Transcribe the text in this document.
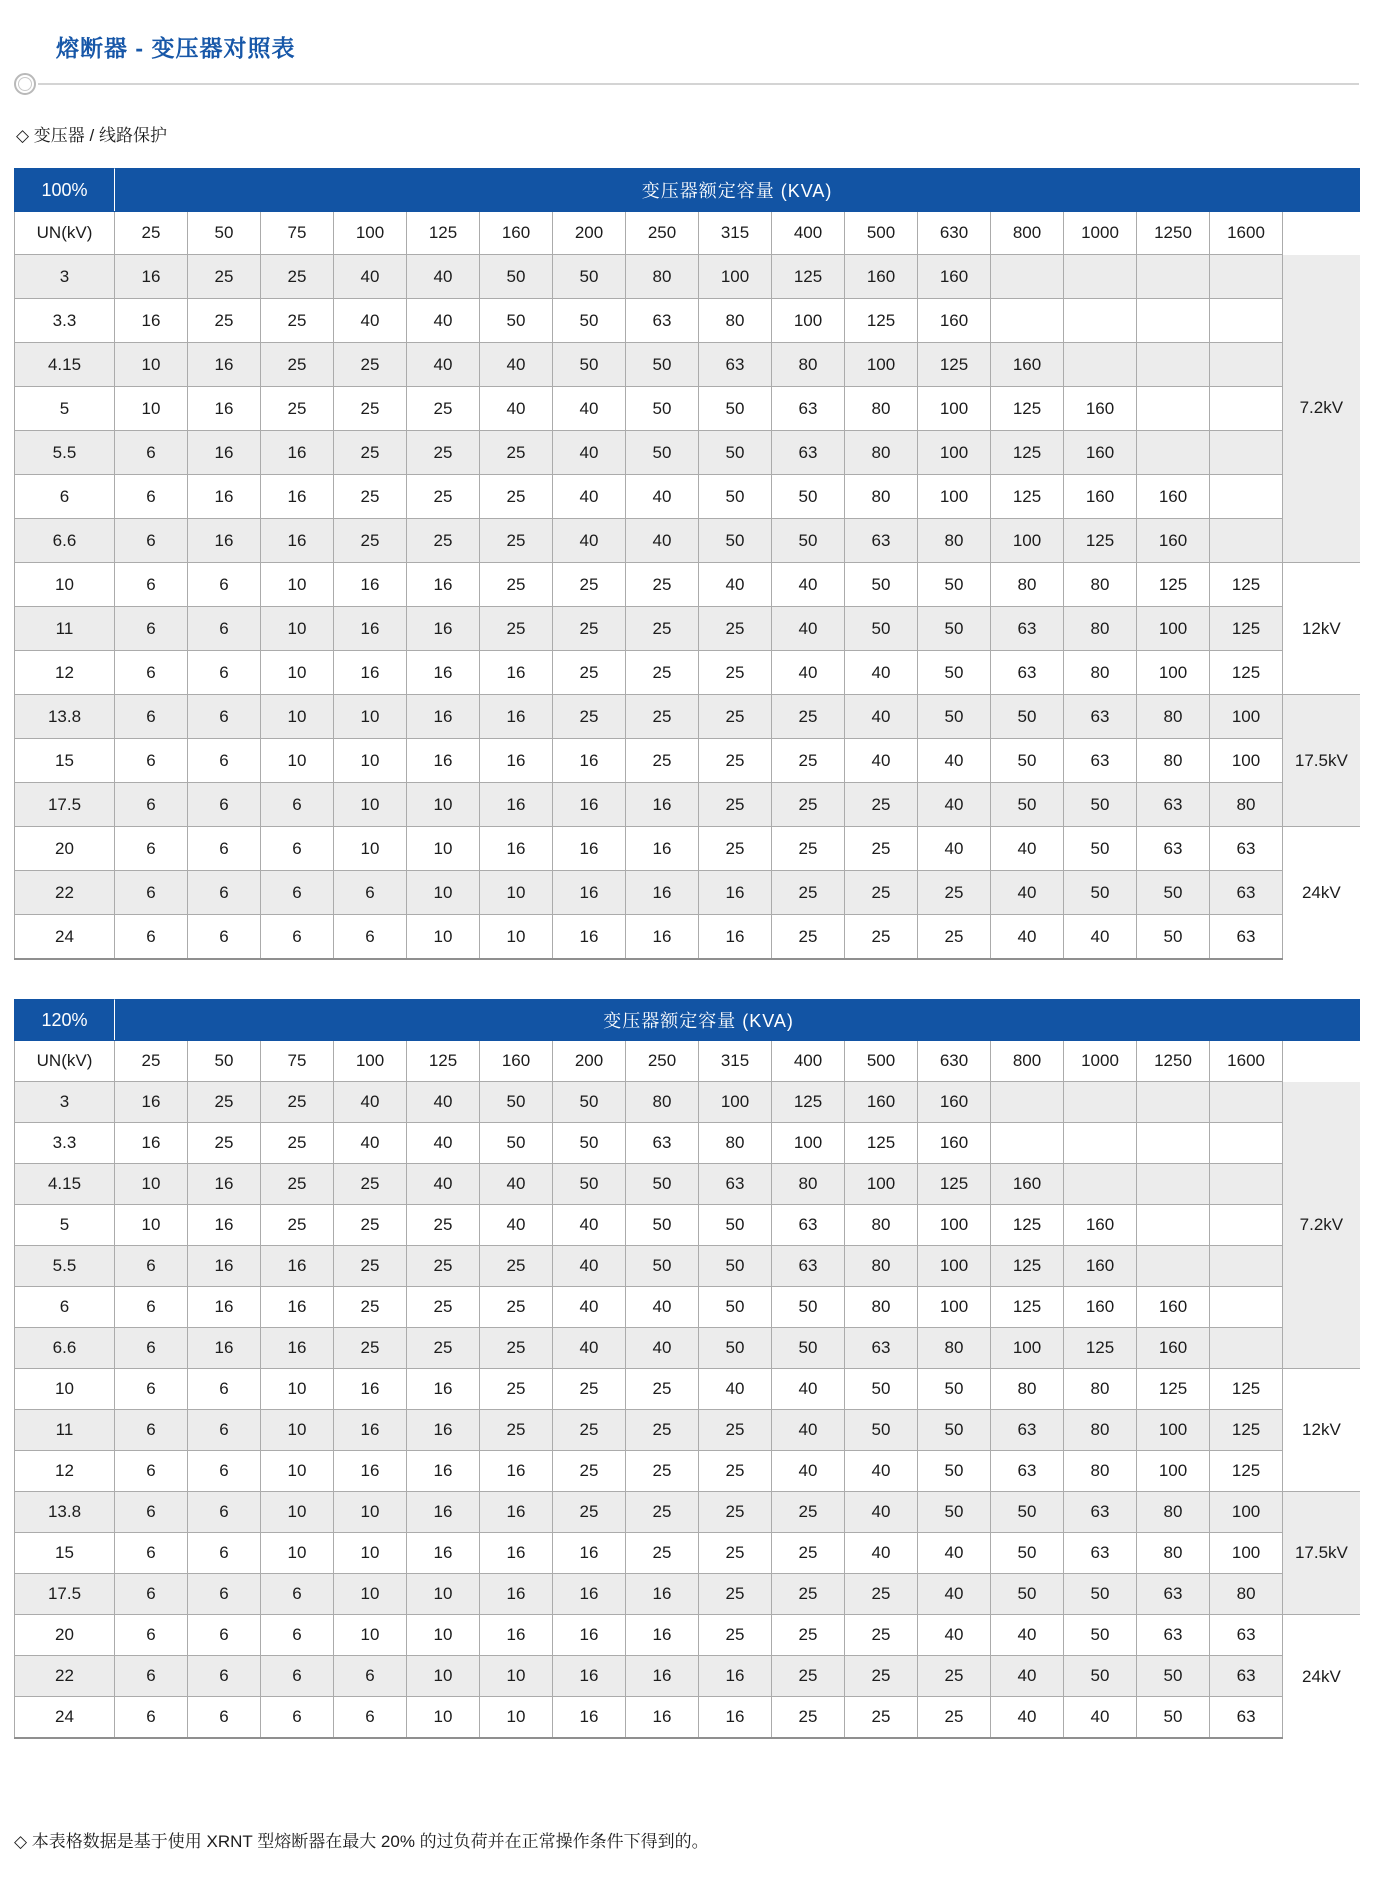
熔断器 - 变压器对照表
◇ 变压器 / 线路保护
100%	变压器额定容量 (KVA)																
UN(kV)	25	50	75	100	125	160	200	250	315	400	500	630	800	1000	1250	1600	
3	16	25	25	40	40	50	50	80	100	125	160	160					7.2kV
3.3	16	25	25	40	40	50	50	63	80	100	125	160					
4.15	10	16	25	25	40	40	50	50	63	80	100	125	160				
5	10	16	25	25	25	40	40	50	50	63	80	100	125	160			
5.5	6	16	16	25	25	25	40	50	50	63	80	100	125	160			
6	6	16	16	25	25	25	40	40	50	50	80	100	125	160	160		
6.6	6	16	16	25	25	25	40	40	50	50	63	80	100	125	160		
10	6	6	10	16	16	25	25	25	40	40	50	50	80	80	125	125	12kV
11	6	6	10	16	16	25	25	25	25	40	50	50	63	80	100	125	
12	6	6	10	16	16	16	25	25	25	40	40	50	63	80	100	125	
13.8	6	6	10	10	16	16	25	25	25	25	40	50	50	63	80	100	17.5kV
15	6	6	10	10	16	16	16	25	25	25	40	40	50	63	80	100	
17.5	6	6	6	10	10	16	16	16	25	25	25	40	50	50	63	80	
20	6	6	6	10	10	16	16	16	25	25	25	40	40	50	63	63	24kV
22	6	6	6	6	10	10	16	16	16	25	25	25	40	50	50	63	
24	6	6	6	6	10	10	16	16	16	25	25	25	40	40	50	63	
120%	变压器额定容量 (KVA)																
UN(kV)	25	50	75	100	125	160	200	250	315	400	500	630	800	1000	1250	1600	
3	16	25	25	40	40	50	50	80	100	125	160	160					7.2kV
3.3	16	25	25	40	40	50	50	63	80	100	125	160					
4.15	10	16	25	25	40	40	50	50	63	80	100	125	160				
5	10	16	25	25	25	40	40	50	50	63	80	100	125	160			
5.5	6	16	16	25	25	25	40	50	50	63	80	100	125	160			
6	6	16	16	25	25	25	40	40	50	50	80	100	125	160	160		
6.6	6	16	16	25	25	25	40	40	50	50	63	80	100	125	160		
10	6	6	10	16	16	25	25	25	40	40	50	50	80	80	125	125	12kV
11	6	6	10	16	16	25	25	25	25	40	50	50	63	80	100	125	
12	6	6	10	16	16	16	25	25	25	40	40	50	63	80	100	125	
13.8	6	6	10	10	16	16	25	25	25	25	40	50	50	63	80	100	17.5kV
15	6	6	10	10	16	16	16	25	25	25	40	40	50	63	80	100	
17.5	6	6	6	10	10	16	16	16	25	25	25	40	50	50	63	80	
20	6	6	6	10	10	16	16	16	25	25	25	40	40	50	63	63	24kV
22	6	6	6	6	10	10	16	16	16	25	25	25	40	50	50	63	
24	6	6	6	6	10	10	16	16	16	25	25	25	40	40	50	63	
◇ 本表格数据是基于使用 XRNT 型熔断器在最大 20% 的过负荷并在正常操作条件下得到的。
